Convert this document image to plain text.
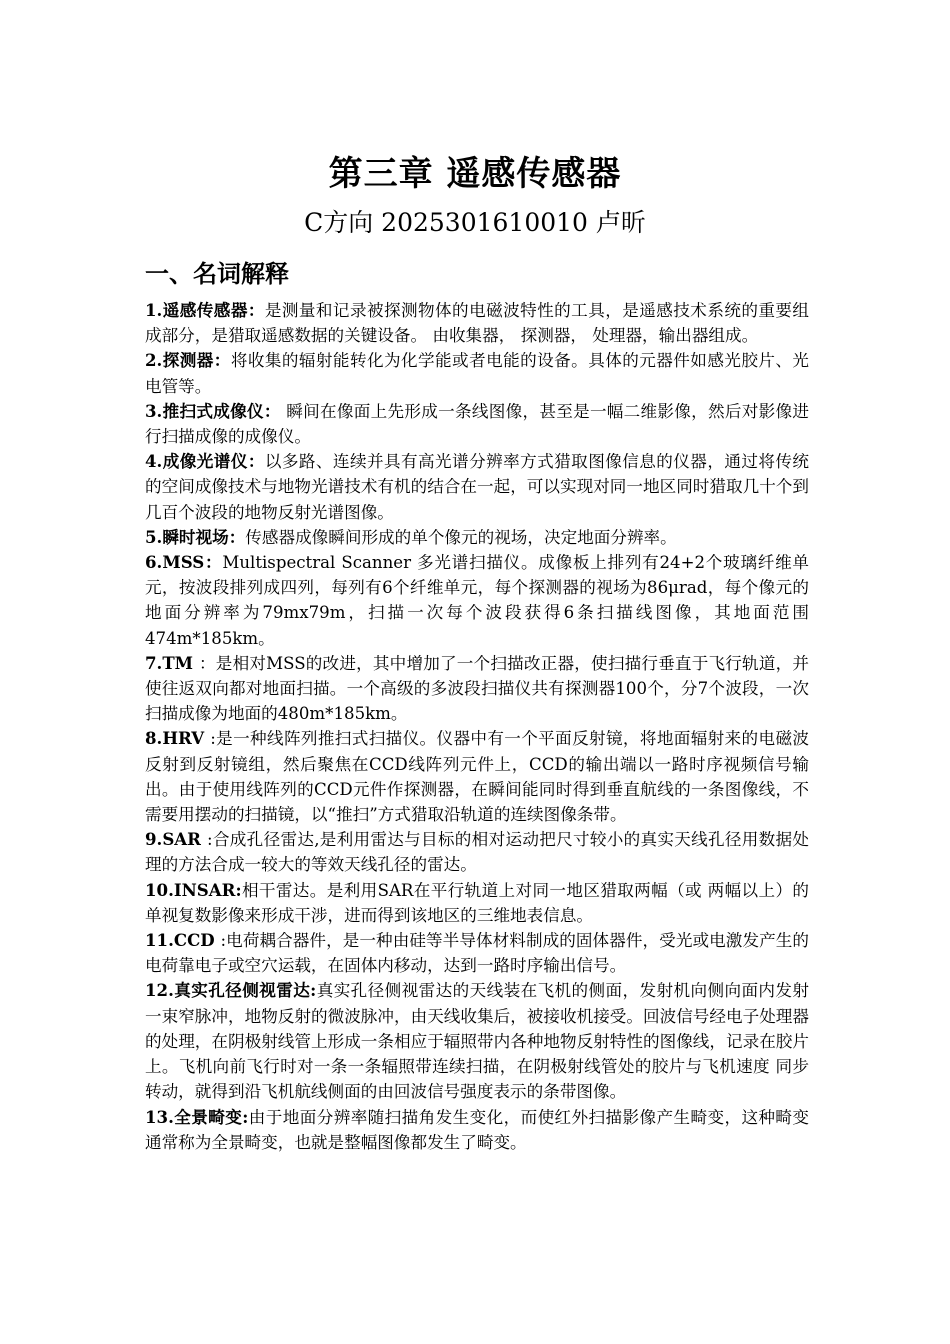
第三章 遥感传感器
C方向 2025301610010 卢昕
一、名词解释

1.遥感传感器：是测量和记录被探测物体的电磁波特性的工具，是遥感技术系统的重要组成部分，是猎取遥感数据的关键设备。 由收集器， 探测器， 处理器，输出器组成。

2.探测器：将收集的辐射能转化为化学能或者电能的设备。具体的元器件如感光胶片、光电管等。

3.推扫式成像仪： 瞬间在像面上先形成一条线图像，甚至是一幅二维影像，然后对影像进行扫描成像的成像仪。

4.成像光谱仪：以多路、连续并具有高光谱分辨率方式猎取图像信息的仪器，通过将传统的空间成像技术与地物光谱技术有机的结合在一起，可以实现对同一地区同时猎取几十个到几百个波段的地物反射光谱图像。

5.瞬时视场：传感器成像瞬间形成的单个像元的视场，决定地面分辨率。

6.MSS：Multispectral Scanner 多光谱扫描仪。成像板上排列有24+2个玻璃纤维单元，按波段排列成四列，每列有6个纤维单元，每个探测器的视场为86μrad，每个像元的地面分辨率为79mx79m，扫描一次每个波段获得6条扫描线图像，其地面范围474m*185km。

7.TM ：是相对MSS的改进，其中增加了一个扫描改正器，使扫描行垂直于飞行轨道，并使往返双向都对地面扫描。一个高级的多波段扫描仪共有探测器100个，分7个波段，一次扫描成像为地面的480m*185km。

8.HRV :是一种线阵列推扫式扫描仪。仪器中有一个平面反射镜，将地面辐射来的电磁波反射到反射镜组，然后聚焦在CCD线阵列元件上，CCD的输出端以一路时序视频信号输出。由于使用线阵列的CCD元件作探测器，在瞬间能同时得到垂直航线的一条图像线，不需要用摆动的扫描镜，以“推扫”方式猎取沿轨道的连续图像条带。

9.SAR :合成孔径雷达,是利用雷达与目标的相对运动把尺寸较小的真实天线孔径用数据处理的方法合成一较大的等效天线孔径的雷达。

10.INSAR:相干雷达。是利用SAR在平行轨道上对同一地区猎取两幅（或 两幅以上）的单视复数影像来形成干涉，进而得到该地区的三维地表信息。

11.CCD :电荷耦合器件，是一种由硅等半导体材料制成的固体器件，受光或电激发产生的电荷靠电子或空穴运载，在固体内移动，达到一路时序输出信号。

12.真实孔径侧视雷达:真实孔径侧视雷达的天线装在飞机的侧面，发射机向侧向面内发射一束窄脉冲，地物反射的微波脉冲，由天线收集后，被接收机接受。回波信号经电子处理器的处理，在阴极射线管上形成一条相应于辐照带内各种地物反射特性的图像线，记录在胶片上。飞机向前飞行时对一条一条辐照带连续扫描，在阴极射线管处的胶片与飞机速度 同步转动，就得到沿飞机航线侧面的由回波信号强度表示的条带图像。

13.全景畸变:由于地面分辨率随扫描角发生变化，而使红外扫描影像产生畸变，这种畸变通常称为全景畸变，也就是整幅图像都发生了畸变。
